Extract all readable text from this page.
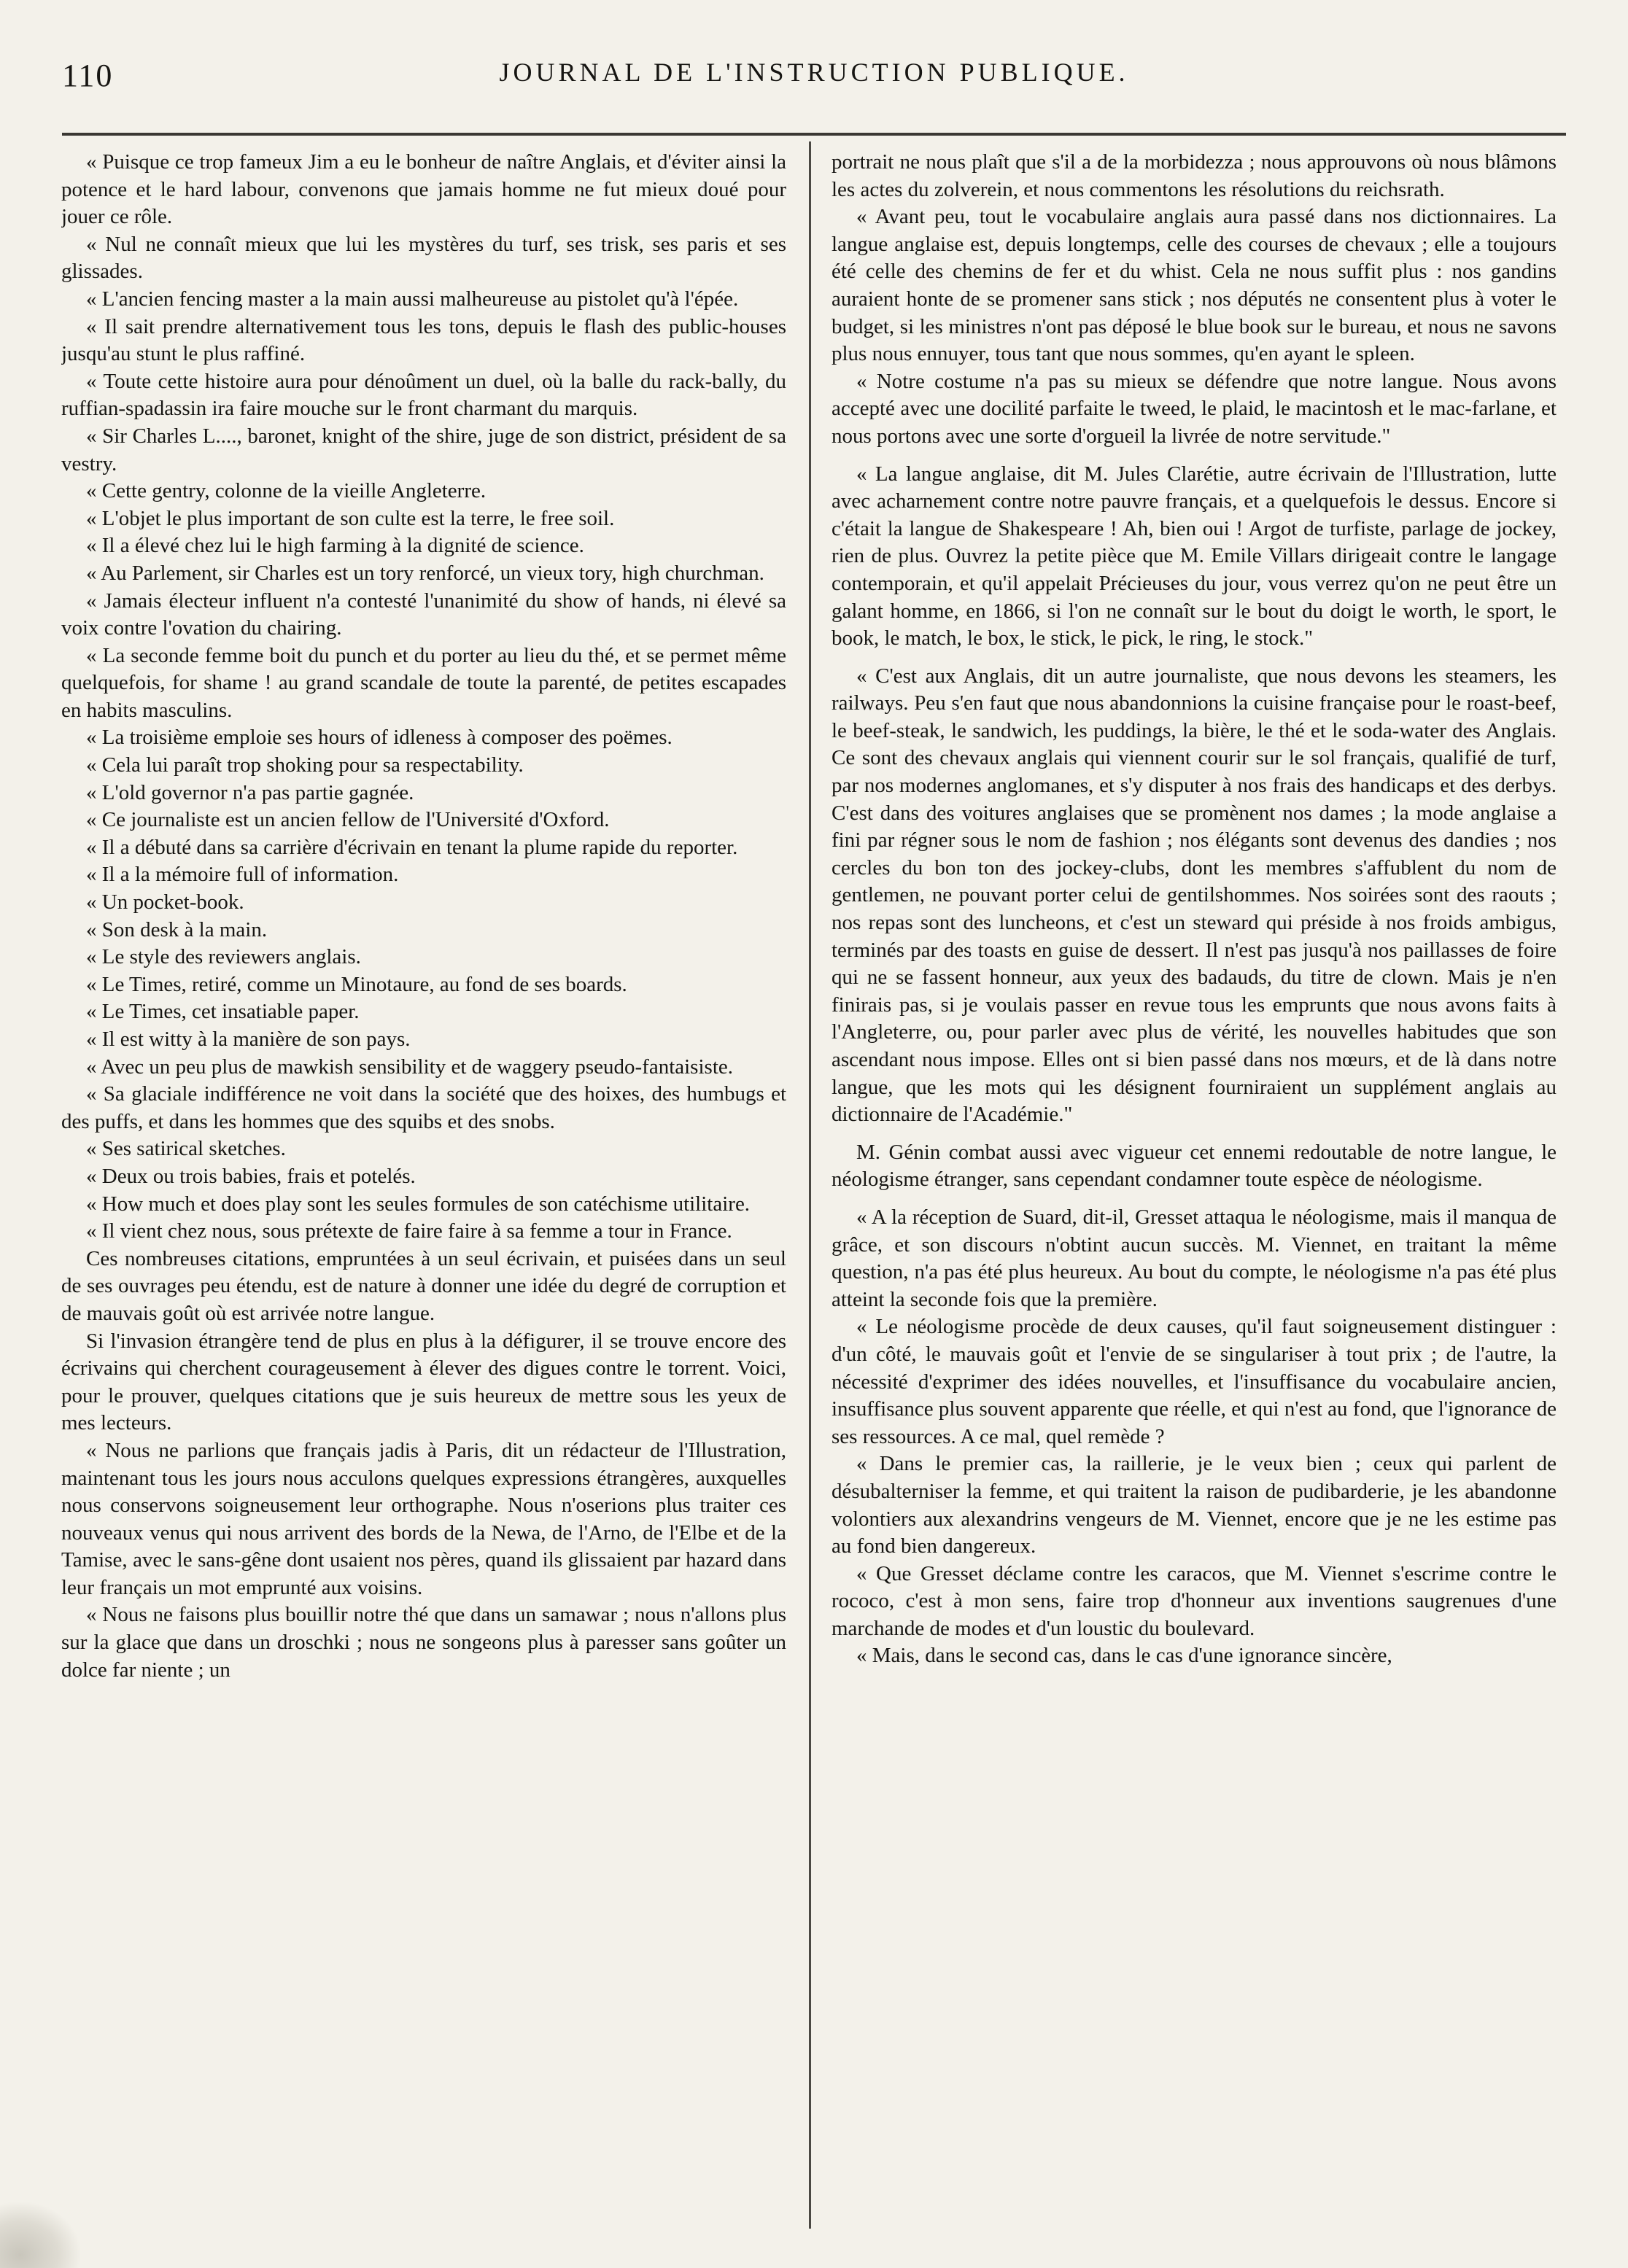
110	JOURNAL DE L'INSTRUCTION PUBLIQUE.

« Puisque ce trop fameux Jim a eu le bonheur de naître Anglais, et d'éviter ainsi la potence et le hard labour, convenons que jamais homme ne fut mieux doué pour jouer ce rôle.

« Nul ne connaît mieux que lui les mystères du turf, ses trisk, ses paris et ses glissades.

« L'ancien fencing master a la main aussi malheureuse au pistolet qu'à l'épée.

« Il sait prendre alternativement tous les tons, depuis le flash des public-houses jusqu'au stunt le plus raffiné.

« Toute cette histoire aura pour dénoûment un duel, où la balle du rack-bally, du ruffian-spadassin ira faire mouche sur le front charmant du marquis.

« Sir Charles L...., baronet, knight of the shire, juge de son district, président de sa vestry.

« Cette gentry, colonne de la vieille Angleterre.

« L'objet le plus important de son culte est la terre, le free soil.

« Il a élevé chez lui le high farming à la dignité de science.

« Au Parlement, sir Charles est un tory renforcé, un vieux tory, high churchman.

« Jamais électeur influent n'a contesté l'unanimité du show of hands, ni élevé sa voix contre l'ovation du chairing.

« La seconde femme boit du punch et du porter au lieu du thé, et se permet même quelquefois, for shame ! au grand scandale de toute la parenté, de petites escapades en habits masculins.

« La troisième emploie ses hours of idleness à composer des poëmes.

« Cela lui paraît trop shoking pour sa respectability.

« L'old governor n'a pas partie gagnée.

« Ce journaliste est un ancien fellow de l'Université d'Oxford.

« Il a débuté dans sa carrière d'écrivain en tenant la plume rapide du reporter.

« Il a la mémoire full of information.

« Un pocket-book.

« Son desk à la main.

« Le style des reviewers anglais.

« Le Times, retiré, comme un Minotaure, au fond de ses boards.

« Le Times, cet insatiable paper.

« Il est witty à la manière de son pays.

« Avec un peu plus de mawkish sensibility et de waggery pseudo-fantaisiste.

« Sa glaciale indifférence ne voit dans la société que des hoixes, des humbugs et des puffs, et dans les hommes que des squibs et des snobs.

« Ses satirical sketches.

« Deux ou trois babies, frais et potelés.

« How much et does play sont les seules formules de son catéchisme utilitaire.

« Il vient chez nous, sous prétexte de faire faire à sa femme a tour in France.

Ces nombreuses citations, empruntées à un seul écrivain, et puisées dans un seul de ses ouvrages peu étendu, est de nature à donner une idée du degré de corruption et de mauvais goût où est arrivée notre langue.

Si l'invasion étrangère tend de plus en plus à la défigurer, il se trouve encore des écrivains qui cherchent courageusement à élever des digues contre le torrent. Voici, pour le prouver, quelques citations que je suis heureux de mettre sous les yeux de mes lecteurs.

« Nous ne parlions que français jadis à Paris, dit un rédacteur de l'Illustration, maintenant tous les jours nous acculons quelques expressions étrangères, auxquelles nous conservons soigneusement leur orthographe. Nous n'oserions plus traiter ces nouveaux venus qui nous arrivent des bords de la Newa, de l'Arno, de l'Elbe et de la Tamise, avec le sans-gêne dont usaient nos pères, quand ils glissaient par hazard dans leur français un mot emprunté aux voisins.

« Nous ne faisons plus bouillir notre thé que dans un samawar ; nous n'allons plus sur la glace que dans un droschki ; nous ne songeons plus à paresser sans goûter un dolce far niente ; un

portrait ne nous plaît que s'il a de la morbidezza ; nous approuvons où nous blâmons les actes du zolverein, et nous commentons les résolutions du reichsrath.

« Avant peu, tout le vocabulaire anglais aura passé dans nos dictionnaires. La langue anglaise est, depuis longtemps, celle des courses de chevaux ; elle a toujours été celle des chemins de fer et du whist. Cela ne nous suffit plus : nos gandins auraient honte de se promener sans stick ; nos députés ne consentent plus à voter le budget, si les ministres n'ont pas déposé le blue book sur le bureau, et nous ne savons plus nous ennuyer, tous tant que nous sommes, qu'en ayant le spleen.

« Notre costume n'a pas su mieux se défendre que notre langue. Nous avons accepté avec une docilité parfaite le tweed, le plaid, le macintosh et le mac-farlane, et nous portons avec une sorte d'orgueil la livrée de notre servitude."

« La langue anglaise, dit M. Jules Clarétie, autre écrivain de l'Illustration, lutte avec acharnement contre notre pauvre français, et a quelquefois le dessus. Encore si c'était la langue de Shakespeare ! Ah, bien oui ! Argot de turfiste, parlage de jockey, rien de plus. Ouvrez la petite pièce que M. Emile Villars dirigeait contre le langage contemporain, et qu'il appelait Précieuses du jour, vous verrez qu'on ne peut être un galant homme, en 1866, si l'on ne connaît sur le bout du doigt le worth, le sport, le book, le match, le box, le stick, le pick, le ring, le stock."

« C'est aux Anglais, dit un autre journaliste, que nous devons les steamers, les railways. Peu s'en faut que nous abandonnions la cuisine française pour le roast-beef, le beef-steak, le sandwich, les puddings, la bière, le thé et le soda-water des Anglais. Ce sont des chevaux anglais qui viennent courir sur le sol français, qualifié de turf, par nos modernes anglomanes, et s'y disputer à nos frais des handicaps et des derbys. C'est dans des voitures anglaises que se promènent nos dames ; la mode anglaise a fini par régner sous le nom de fashion ; nos élégants sont devenus des dandies ; nos cercles du bon ton des jockey-clubs, dont les membres s'affublent du nom de gentlemen, ne pouvant porter celui de gentilshommes. Nos soirées sont des raouts ; nos repas sont des luncheons, et c'est un steward qui préside à nos froids ambigus, terminés par des toasts en guise de dessert. Il n'est pas jusqu'à nos paillasses de foire qui ne se fassent honneur, aux yeux des badauds, du titre de clown. Mais je n'en finirais pas, si je voulais passer en revue tous les emprunts que nous avons faits à l'Angleterre, ou, pour parler avec plus de vérité, les nouvelles habitudes que son ascendant nous impose. Elles ont si bien passé dans nos mœurs, et de là dans notre langue, que les mots qui les désignent fourniraient un supplément anglais au dictionnaire de l'Académie."

M. Génin combat aussi avec vigueur cet ennemi redoutable de notre langue, le néologisme étranger, sans cependant condamner toute espèce de néologisme.

« A la réception de Suard, dit-il, Gresset attaqua le néologisme, mais il manqua de grâce, et son discours n'obtint aucun succès. M. Viennet, en traitant la même question, n'a pas été plus heureux. Au bout du compte, le néologisme n'a pas été plus atteint la seconde fois que la première.

« Le néologisme procède de deux causes, qu'il faut soigneusement distinguer : d'un côté, le mauvais goût et l'envie de se singulariser à tout prix ; de l'autre, la nécessité d'exprimer des idées nouvelles, et l'insuffisance du vocabulaire ancien, insuffisance plus souvent apparente que réelle, et qui n'est au fond, que l'ignorance de ses ressources. A ce mal, quel remède ?

« Dans le premier cas, la raillerie, je le veux bien ; ceux qui parlent de désubalterniser la femme, et qui traitent la raison de pudibarderie, je les abandonne volontiers aux alexandrins vengeurs de M. Viennet, encore que je ne les estime pas au fond bien dangereux.

« Que Gresset déclame contre les caracos, que M. Viennet s'escrime contre le rococo, c'est à mon sens, faire trop d'honneur aux inventions saugrenues d'une marchande de modes et d'un loustic du boulevard.

« Mais, dans le second cas, dans le cas d'une ignorance sincère,
